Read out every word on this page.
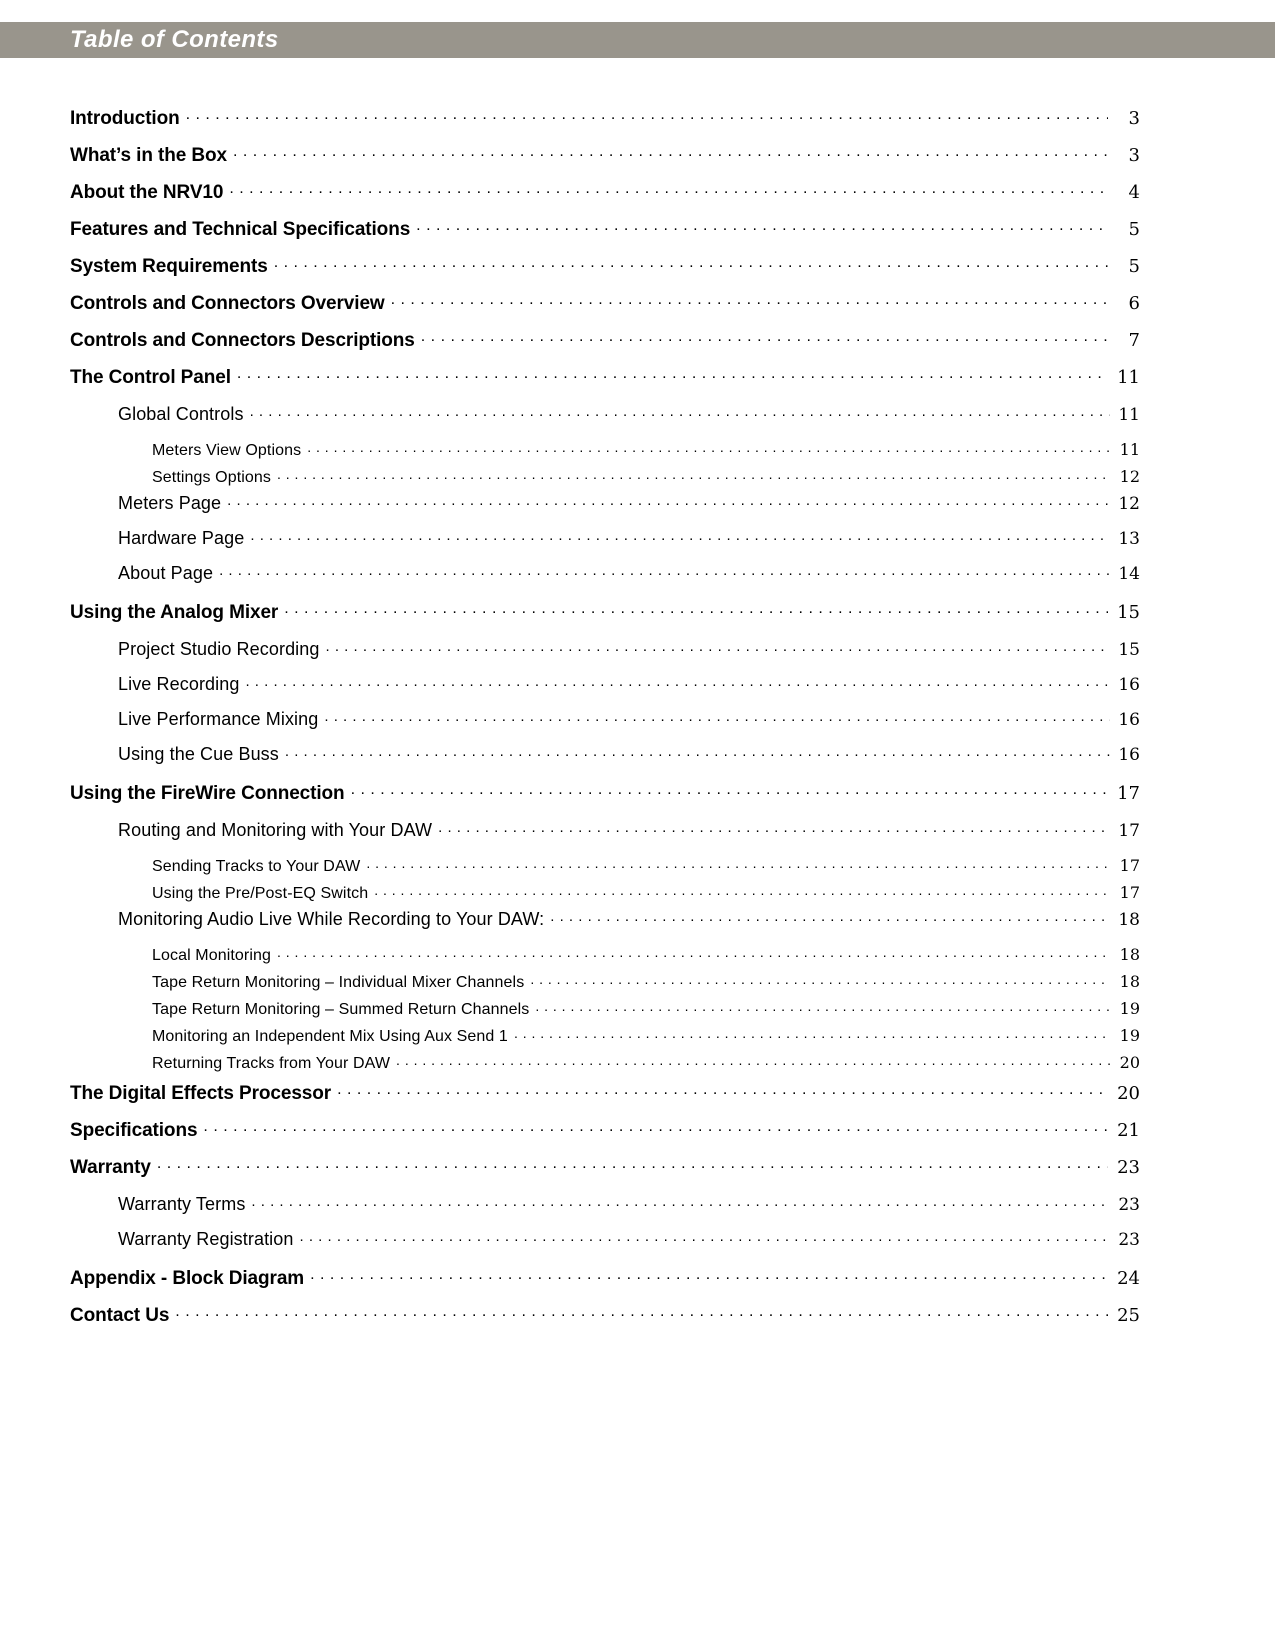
Table of Contents
Introduction . . .	3
What’s in the Box . . .	3
About the NRV10 . . .	4
Features and Technical Specifications . . .	5
System Requirements . . .	5
Controls and Connectors Overview . . .	6
Controls and Connectors Descriptions . . .	7
The Control Panel . . .	11
Global Controls . . .	11
Meters View Options . . .	11
Settings Options . . .	12
Meters Page . . .	12
Hardware Page . . .	13
About Page . . .	14
Using the Analog Mixer . . .	15
Project Studio Recording . . .	15
Live Recording . . .	16
Live Performance Mixing . . .	16
Using the Cue Buss . . .	16
Using the FireWire Connection . . .	17
Routing and Monitoring with Your DAW . . .	17
Sending Tracks to Your DAW . . .	17
Using the Pre/Post-EQ Switch . . .	17
Monitoring Audio Live While Recording to Your DAW: . . .	18
Local Monitoring . . .	18
Tape Return Monitoring – Individual Mixer Channels . . .	18
Tape Return Monitoring – Summed Return Channels . . .	19
Monitoring an Independent Mix Using Aux Send 1 . . .	19
Returning Tracks from Your DAW . . .	20
The Digital Effects Processor . . .	20
Specifications . . .	21
Warranty . . .	23
Warranty Terms . . .	23
Warranty Registration . . .	23
Appendix - Block Diagram . . .	24
Contact Us . . .	25
